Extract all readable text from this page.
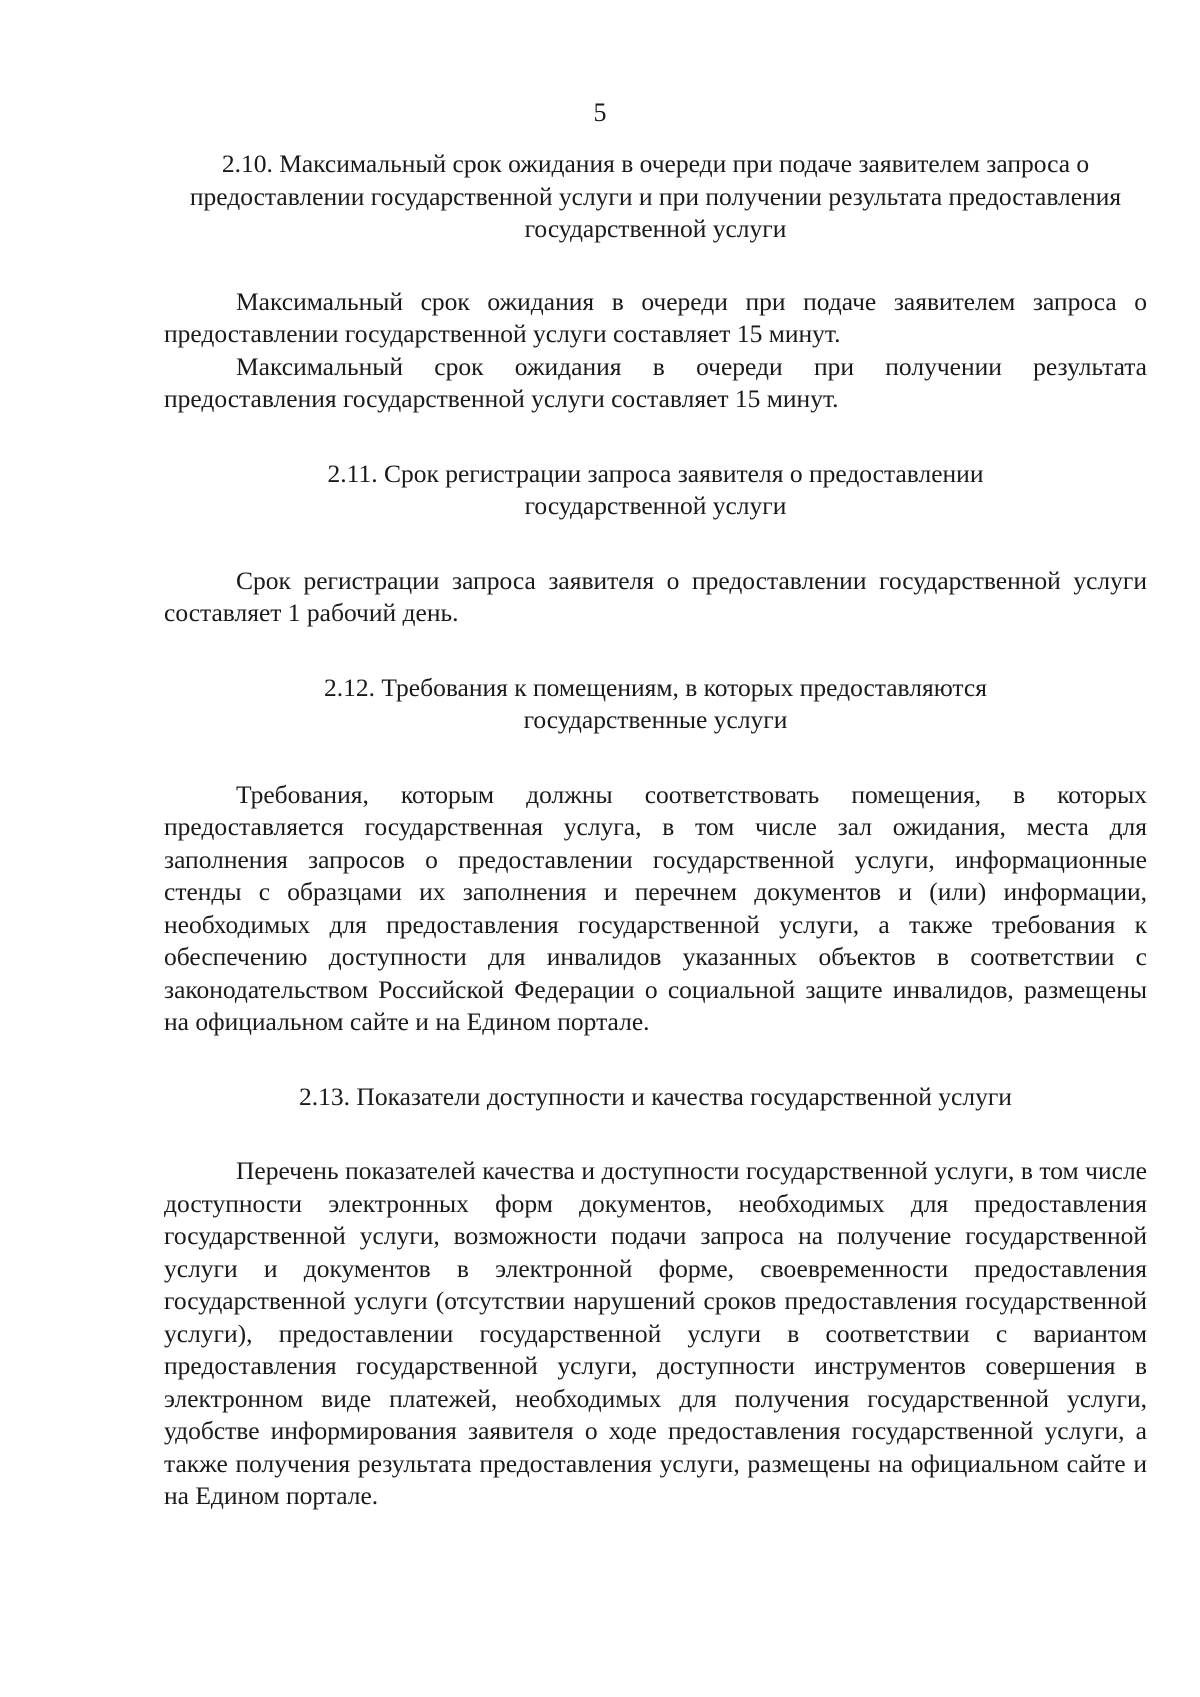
5
2.10. Максимальный срок ожидания в очереди при подаче заявителем запроса о предоставлении государственной услуги и при получении результата предоставления государственной услуги

Максимальный срок ожидания в очереди при подаче заявителем запроса о предоставлении государственной услуги составляет 15 минут.

Максимальный срок ожидания в очереди при получении результата предоставления государственной услуги составляет 15 минут.

2.11. Срок регистрации запроса заявителя о предоставлении государственной услуги

Срок регистрации запроса заявителя о предоставлении государственной услуги составляет 1 рабочий день.

2.12. Требования к помещениям, в которых предоставляются государственные услуги

Требования, которым должны соответствовать помещения, в которых предоставляется государственная услуга, в том числе зал ожидания, места для заполнения запросов о предоставлении государственной услуги, информационные стенды с образцами их заполнения и перечнем документов и (или) информации, необходимых для предоставления государственной услуги, а также требования к обеспечению доступности для инвалидов указанных объектов в соответствии с законодательством Российской Федерации о социальной защите инвалидов, размещены на официальном сайте и на Едином портале.

2.13. Показатели доступности и качества государственной услуги

Перечень показателей качества и доступности государственной услуги, в том числе доступности электронных форм документов, необходимых для предоставления государственной услуги, возможности подачи запроса на получение государственной услуги и документов в электронной форме, своевременности предоставления государственной услуги (отсутствии нарушений сроков предоставления государственной услуги), предоставлении государственной услуги в соответствии с вариантом предоставления государственной услуги, доступности инструментов совершения в электронном виде платежей, необходимых для получения государственной услуги, удобстве информирования заявителя о ходе предоставления государственной услуги, а также получения результата предоставления услуги, размещены на официальном сайте и на Едином портале.
